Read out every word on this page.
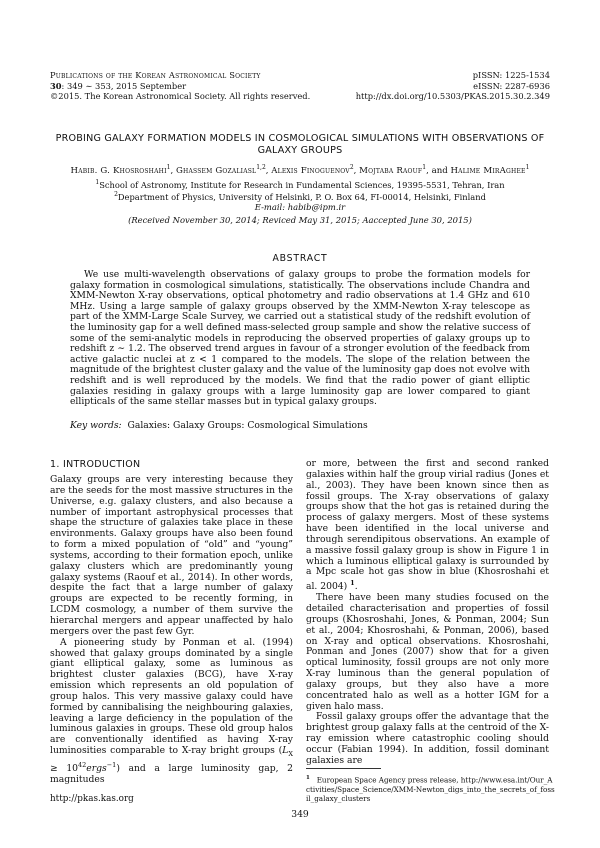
Publications of the Korean Astronomical Society
30: 349 ∼ 353, 2015 September
©2015. The Korean Astronomical Society. All rights reserved.
pISSN: 1225-1534
eISSN: 2287-6936
http://dx.doi.org/10.5303/PKAS.2015.30.2.349
PROBING GALAXY FORMATION MODELS IN COSMOLOGICAL SIMULATIONS WITH OBSERVATIONS OF
GALAXY GROUPS
Habib. G. Khosroshahi$^1$, Ghassem Gozaliasl$^{1,2}$, Alexis Finoguenov$^2$, Mojtaba Raouf$^1$, and Halime MirAghee$^1$
$^1$School of Astronomy, Institute for Research in Fundamental Sciences, 19395-5531, Tehran, Iran
$^2$Department of Physics, University of Helsinki, P. O. Box 64, FI-00014, Helsinki, Finland
E-mail: habib@ipm.ir
(Received November 30, 2014; Reviced May 31, 2015; Aaccepted June 30, 2015)
ABSTRACT
We use multi-wavelength observations of galaxy groups to probe the formation models for galaxy formation in cosmological simulations, statistically. The observations include Chandra and XMM-Newton X-ray observations, optical photometry and radio observations at 1.4 GHz and 610 MHz. Using a large sample of galaxy groups observed by the XMM-Newton X-ray telescope as part of the XMM-Large Scale Survey, we carried out a statistical study of the redshift evolution of the luminosity gap for a well defined mass-selected group sample and show the relative success of some of the semi-analytic models in reproducing the observed properties of galaxy groups up to redshift z ∼ 1.2. The observed trend argues in favour of a stronger evolution of the feedback from active galactic nuclei at z < 1 compared to the models. The slope of the relation between the magnitude of the brightest cluster galaxy and the value of the luminosity gap does not evolve with redshift and is well reproduced by the models. We find that the radio power of giant elliptic galaxies residing in galaxy groups with a large luminosity gap are lower compared to giant ellipticals of the same stellar masses but in typical galaxy groups.
Key words: Galaxies: Galaxy Groups: Cosmological Simulations
1. INTRODUCTION

Galaxy groups are very interesting because they are the seeds for the most massive structures in the Universe, e.g. galaxy clusters, and also because a number of important astrophysical processes that shape the structure of galaxies take place in these environments. Galaxy groups have also been found to form a mixed population of “old” and “young” systems, according to their formation epoch, unlike galaxy clusters which are predominantly young galaxy systems (Raouf et al., 2014). In other words, despite the fact that a large number of galaxy groups are expected to be recently forming, in LCDM cosmology, a number of them survive the hierarchal mergers and appear unaffected by halo mergers over the past few Gyr.

A pioneering study by Ponman et al. (1994) showed that galaxy groups dominated by a single giant elliptical galaxy, some as luminous as brightest cluster galaxies (BCG), have X-ray emission which represents an old population of group halos. This very massive galaxy could have formed by cannibalising the neighbouring galaxies, leaving a large deficiency in the population of the luminous galaxies in groups. These old group halos are conventionally identified as having X-ray luminosities comparable to X-ray bright groups ($L_X$ ≥ $10^{42}ergs^{-1}$) and a large luminosity gap, 2 magnitudes

or more, between the first and second ranked galaxies within half the group virial radius (Jones et al., 2003). They have been known since then as fossil groups. The X-ray observations of galaxy groups show that the hot gas is retained during the process of galaxy mergers. Most of these systems have been identified in the local universe and through serendipitous observations. An example of a massive fossil galaxy group is show in Figure 1 in which a luminous elliptical galaxy is surrounded by a Mpc scale hot gas show in blue (Khosroshahi et al. 2004) $^1$.

There have been many studies focused on the detailed characterisation and properties of fossil groups (Khosroshahi, Jones, & Ponman, 2004; Sun et al., 2004; Khosroshahi, & Ponman, 2006), based on X-ray and optical observations. Khosroshahi, Ponman and Jones (2007) show that for a given optical luminosity, fossil groups are not only more X-ray luminous than the general population of galaxy groups, but they also have a more concentrated halo as well as a hotter IGM for a given halo mass.

Fossil galaxy groups offer the advantage that the brightest group galaxy falls at the centroid of the X-ray emission where catastrophic cooling should occur (Fabian 1994). In addition, fossil dominant galaxies are

$^1$ European Space Agency press release, http://www.esa.int/Our_Activities/Space_Science/XMM-Newton_digs_into_the_secrets_of_fossil_galaxy_clusters
http://pkas.kas.org
349
